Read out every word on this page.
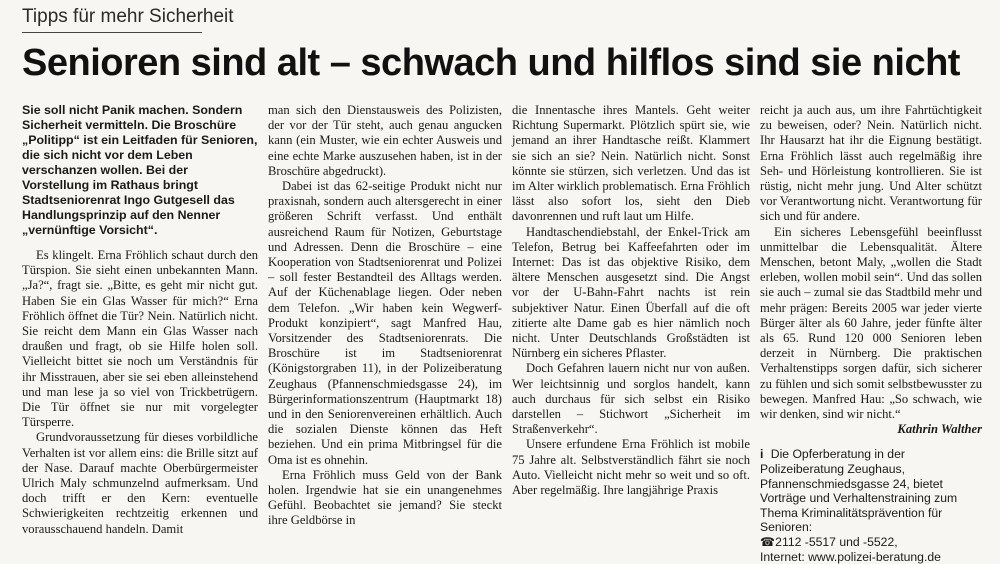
Tipps für mehr Sicherheit
Senioren sind alt – schwach und hilflos sind sie nicht

Sie soll nicht Panik machen. Sondern Sicherheit vermitteln. Die Broschüre „Politipp“ ist ein Leitfaden für Senioren, die sich nicht vor dem Leben verschanzen wollen. Bei der Vorstellung im Rathaus bringt Stadtseniorenrat Ingo Gutgesell das Handlungsprinzip auf den Nenner „vernünftige Vorsicht“.

Es klingelt. Erna Fröhlich schaut durch den Türspion. Sie sieht einen unbekannten Mann. „Ja?“, fragt sie. „Bitte, es geht mir nicht gut. Haben Sie ein Glas Wasser für mich?“ Erna Fröhlich öffnet die Tür? Nein. Natürlich nicht. Sie reicht dem Mann ein Glas Wasser nach draußen und fragt, ob sie Hilfe holen soll. Vielleicht bittet sie noch um Verständnis für ihr Misstrauen, aber sie sei eben alleinstehend und man lese ja so viel von Trickbetrügern. Die Tür öffnet sie nur mit vorgelegter Türsperre.

Grundvoraussetzung für dieses vorbildliche Verhalten ist vor allem eins: die Brille sitzt auf der Nase. Darauf machte Oberbürgermeister Ulrich Maly schmunzelnd aufmerksam. Und doch trifft er den Kern: eventuelle Schwierigkeiten rechtzeitig erkennen und vorausschauend handeln. Damit

man sich den Dienstausweis des Polizisten, der vor der Tür steht, auch genau angucken kann (ein Muster, wie ein echter Ausweis und eine echte Marke auszusehen haben, ist in der Broschüre abgedruckt).

Dabei ist das 62-seitige Produkt nicht nur praxisnah, sondern auch altersgerecht in einer größeren Schrift verfasst. Und enthält ausreichend Raum für Notizen, Geburtstage und Adressen. Denn die Broschüre – eine Kooperation von Stadtseniorenrat und Polizei – soll fester Bestandteil des Alltags werden. Auf der Küchenablage liegen. Oder neben dem Telefon. „Wir haben kein Wegwerf-Produkt konzipiert“, sagt Manfred Hau, Vorsitzender des Stadtseniorenrats. Die Broschüre ist im Stadtseniorenrat (Königstorgraben 11), in der Polizeiberatung Zeughaus (Pfannenschmiedsgasse 24), im Bürgerinformationszentrum (Hauptmarkt 18) und in den Seniorenvereinen erhältlich. Auch die sozialen Dienste können das Heft beziehen. Und ein prima Mitbringsel für die Oma ist es ohnehin.

Erna Fröhlich muss Geld von der Bank holen. Irgendwie hat sie ein unangenehmes Gefühl. Beobachtet sie jemand? Sie steckt ihre Geldbörse in

die Innentasche ihres Mantels. Geht weiter Richtung Supermarkt. Plötzlich spürt sie, wie jemand an ihrer Handtasche reißt. Klammert sie sich an sie? Nein. Natürlich nicht. Sonst könnte sie stürzen, sich verletzen. Und das ist im Alter wirklich problematisch. Erna Fröhlich lässt also sofort los, sieht den Dieb davonrennen und ruft laut um Hilfe.

Handtaschendiebstahl, der Enkel-Trick am Telefon, Betrug bei Kaffeefahrten oder im Internet: Das ist das objektive Risiko, dem ältere Menschen ausgesetzt sind. Die Angst vor der U-Bahn-Fahrt nachts ist rein subjektiver Natur. Einen Überfall auf die oft zitierte alte Dame gab es hier nämlich noch nicht. Unter Deutschlands Großstädten ist Nürnberg ein sicheres Pflaster.

Doch Gefahren lauern nicht nur von außen. Wer leichtsinnig und sorglos handelt, kann auch durchaus für sich selbst ein Risiko darstellen – Stichwort „Sicherheit im Straßenverkehr“.

Unsere erfundene Erna Fröhlich ist mobile 75 Jahre alt. Selbstverständlich fährt sie noch Auto. Vielleicht nicht mehr so weit und so oft. Aber regelmäßig. Ihre langjährige Praxis

reicht ja auch aus, um ihre Fahrtüchtigkeit zu beweisen, oder? Nein. Natürlich nicht. Ihr Hausarzt hat ihr die Eignung bestätigt. Erna Fröhlich lässt auch regelmäßig ihre Seh- und Hörleistung kontrollieren. Sie ist rüstig, nicht mehr jung. Und Alter schützt vor Verantwortung nicht. Verantwortung für sich und für andere.

Ein sicheres Lebensgefühl beeinflusst unmittelbar die Lebensqualität. Ältere Menschen, betont Maly, „wollen die Stadt erleben, wollen mobil sein“. Und das sollen sie auch – zumal sie das Stadtbild mehr und mehr prägen: Bereits 2005 war jeder vierte Bürger älter als 60 Jahre, jeder fünfte älter als 65. Rund 120 000 Senioren leben derzeit in Nürnberg. Die praktischen Verhaltenstipps sorgen dafür, sich sicherer zu fühlen und sich somit selbstbewusster zu bewegen. Manfred Hau: „So schwach, wie wir denken, sind wir nicht.“

Kathrin Walther
i Die Opferberatung in der Polizeiberatung Zeughaus, Pfannenschmiedsgasse 24, bietet Vorträge und Verhaltenstraining zum Thema Kriminalitätsprävention für Senioren:
☎2112 -5517 und -5522,
Internet: www.polizei-beratung.de
